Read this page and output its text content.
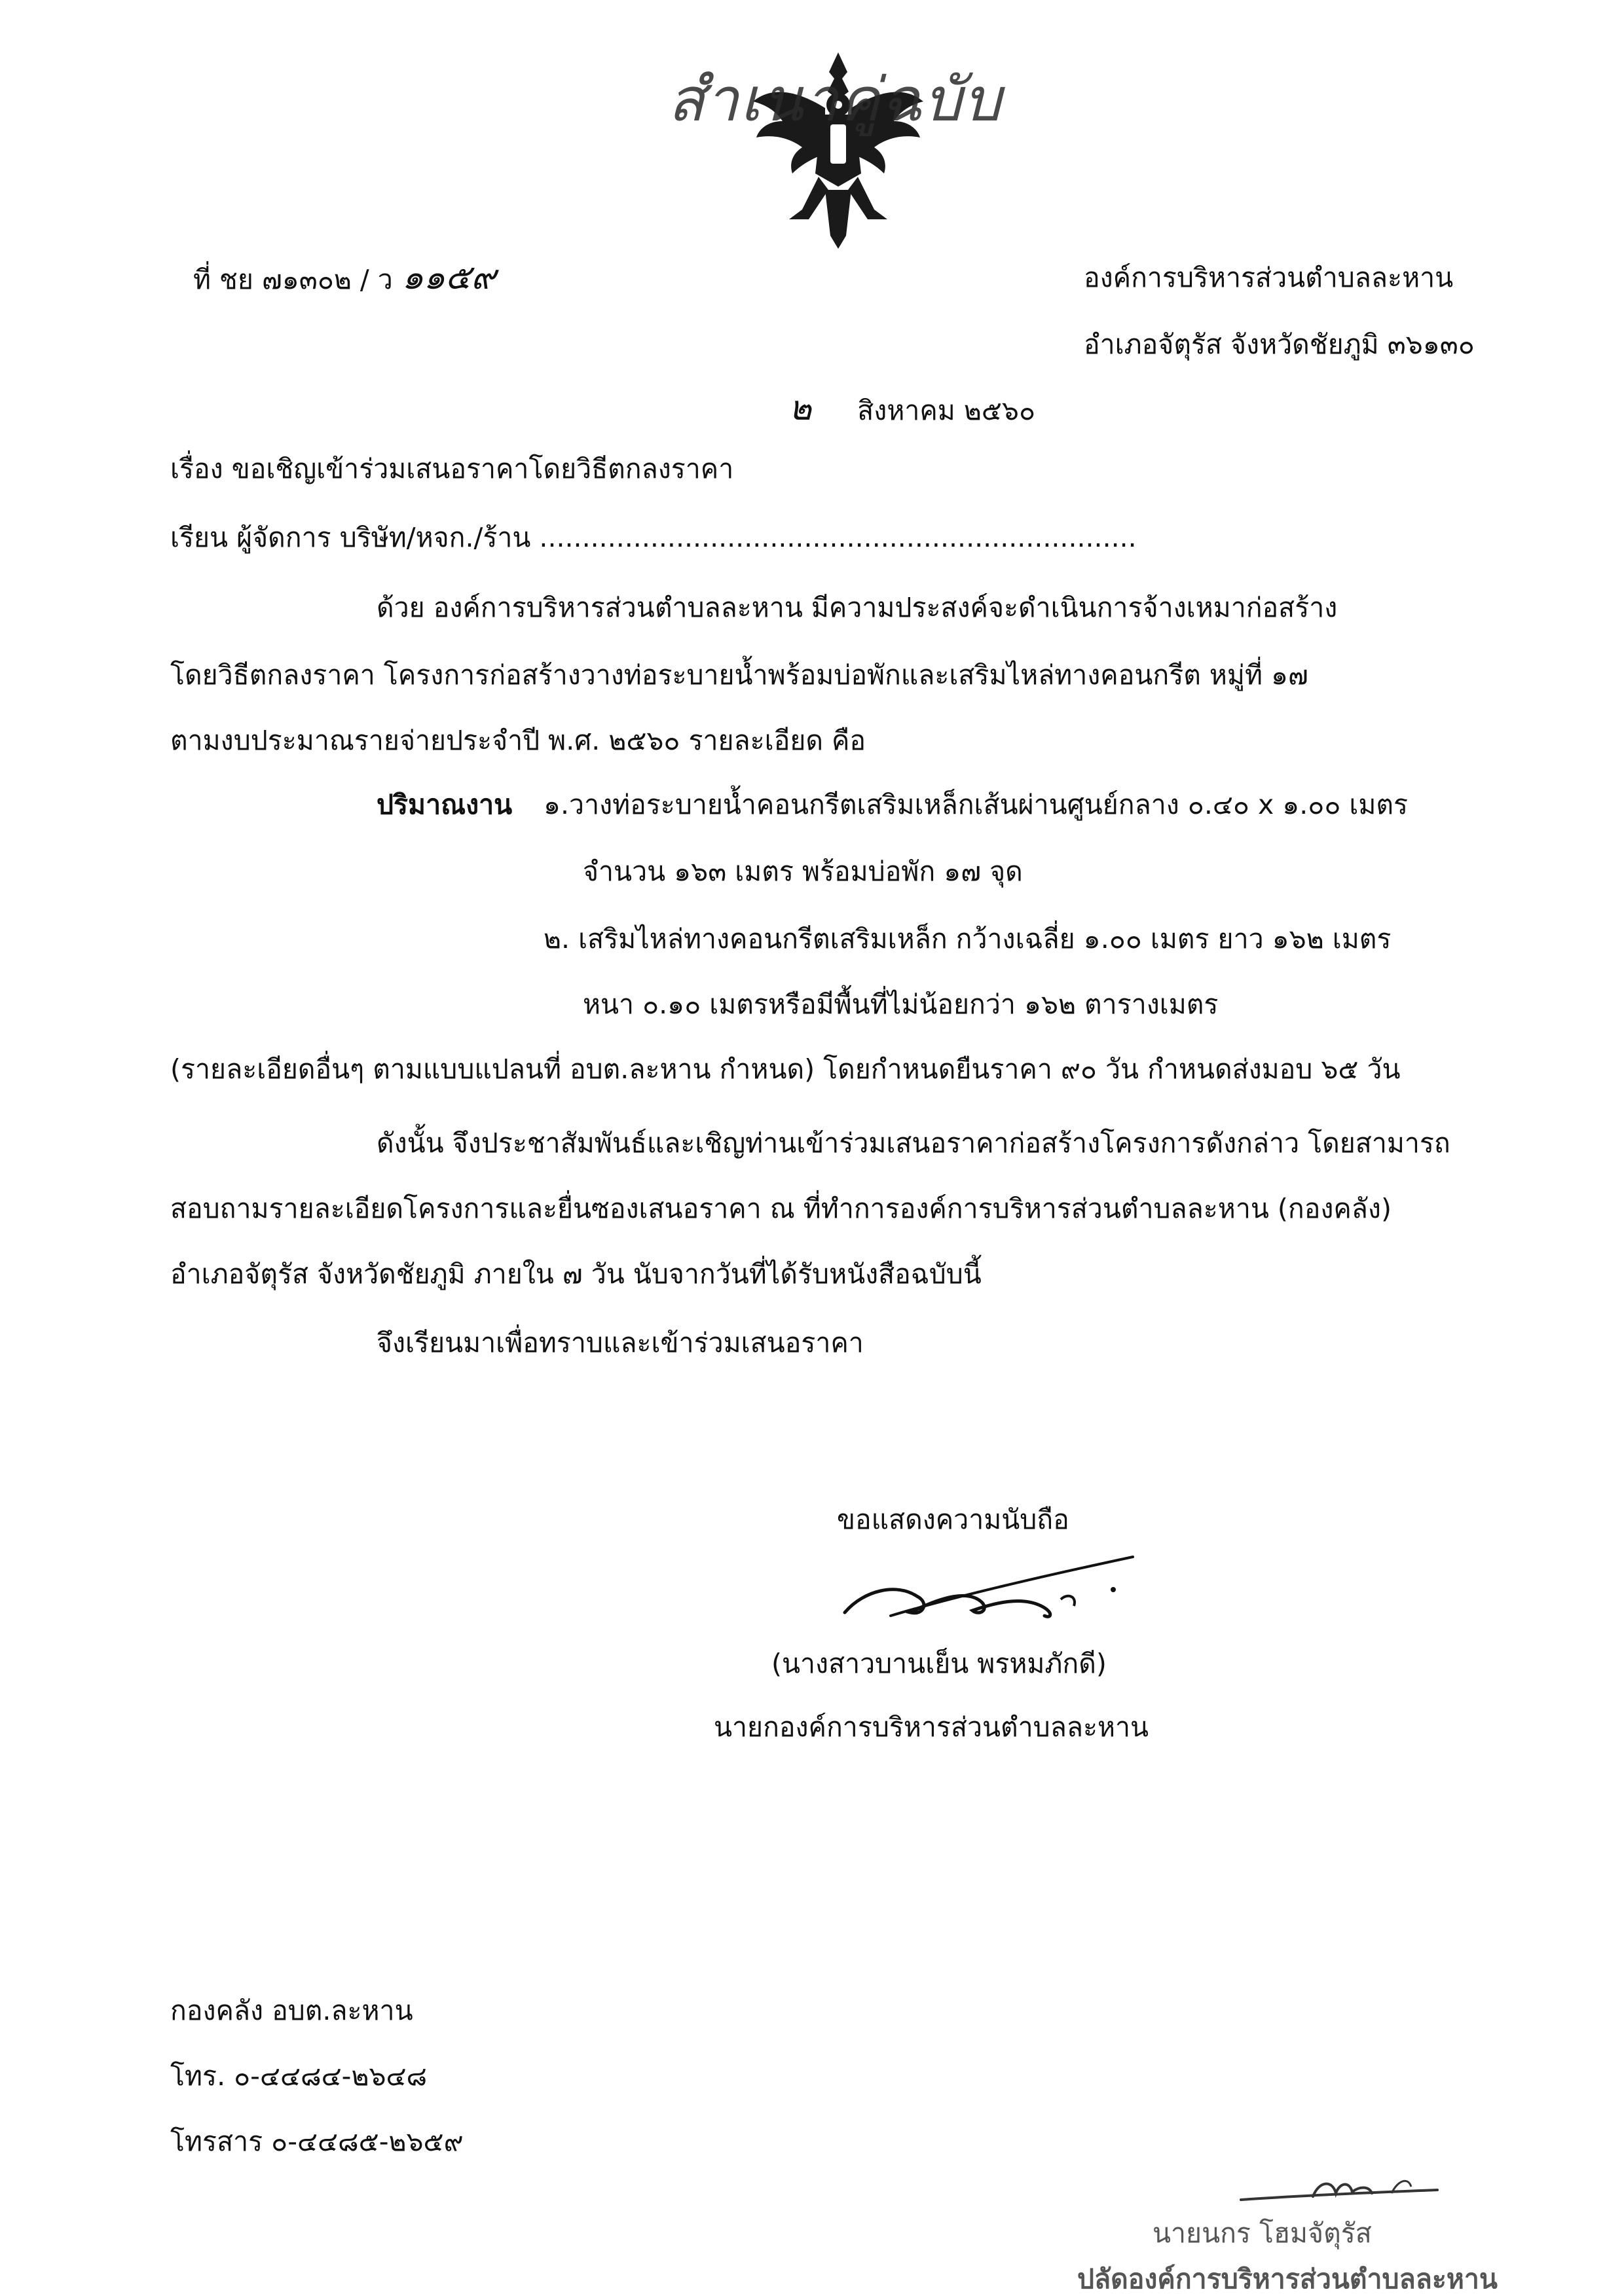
สำเนาคู่ฉบับ
ที่ ชย ๗๑๓๐๒ / ว ๑๑๕๙	องค์การบริหารส่วนตำบลละหาน
อำเภอจัตุรัส จังหวัดชัยภูมิ ๓๖๑๓๐
๒ สิงหาคม ๒๕๖๐
เรื่อง ขอเชิญเข้าร่วมเสนอราคาโดยวิธีตกลงราคา
เรียน ผู้จัดการ บริษัท/หจก./ร้าน ......................................................................
ด้วย องค์การบริหารส่วนตำบลละหาน มีความประสงค์จะดำเนินการจ้างเหมาก่อสร้าง
โดยวิธีตกลงราคา โครงการก่อสร้างวางท่อระบายน้ำพร้อมบ่อพักและเสริมไหล่ทางคอนกรีต หมู่ที่ ๑๗
ตามงบประมาณรายจ่ายประจำปี พ.ศ. ๒๕๖๐ รายละเอียด คือ
ปริมาณงาน ๑.วางท่อระบายน้ำคอนกรีตเสริมเหล็กเส้นผ่านศูนย์กลาง ๐.๔๐ x ๑.๐๐ เมตร
จำนวน ๑๖๓ เมตร พร้อมบ่อพัก ๑๗ จุด
๒. เสริมไหล่ทางคอนกรีตเสริมเหล็ก กว้างเฉลี่ย ๑.๐๐ เมตร ยาว ๑๖๒ เมตร
หนา ๐.๑๐ เมตรหรือมีพื้นที่ไม่น้อยกว่า ๑๖๒ ตารางเมตร
(รายละเอียดอื่นๆ ตามแบบแปลนที่ อบต.ละหาน กำหนด) โดยกำหนดยืนราคา ๙๐ วัน กำหนดส่งมอบ ๖๕ วัน
ดังนั้น จึงประชาสัมพันธ์และเชิญท่านเข้าร่วมเสนอราคาก่อสร้างโครงการดังกล่าว โดยสามารถ
สอบถามรายละเอียดโครงการและยื่นซองเสนอราคา ณ ที่ทำการองค์การบริหารส่วนตำบลละหาน (กองคลัง)
อำเภอจัตุรัส จังหวัดชัยภูมิ ภายใน ๗ วัน นับจากวันที่ได้รับหนังสือฉบับนี้
จึงเรียนมาเพื่อทราบและเข้าร่วมเสนอราคา
ขอแสดงความนับถือ
(นางสาวบานเย็น พรหมภักดี)
นายกองค์การบริหารส่วนตำบลละหาน
กองคลัง อบต.ละหาน
โทร. ๐-๔๔๘๔-๒๖๔๘
โทรสาร ๐-๔๔๘๕-๒๖๕๙
นายนกร โฮมจัตุรัส
ปลัดองค์การบริหารส่วนตำบลละหาน
